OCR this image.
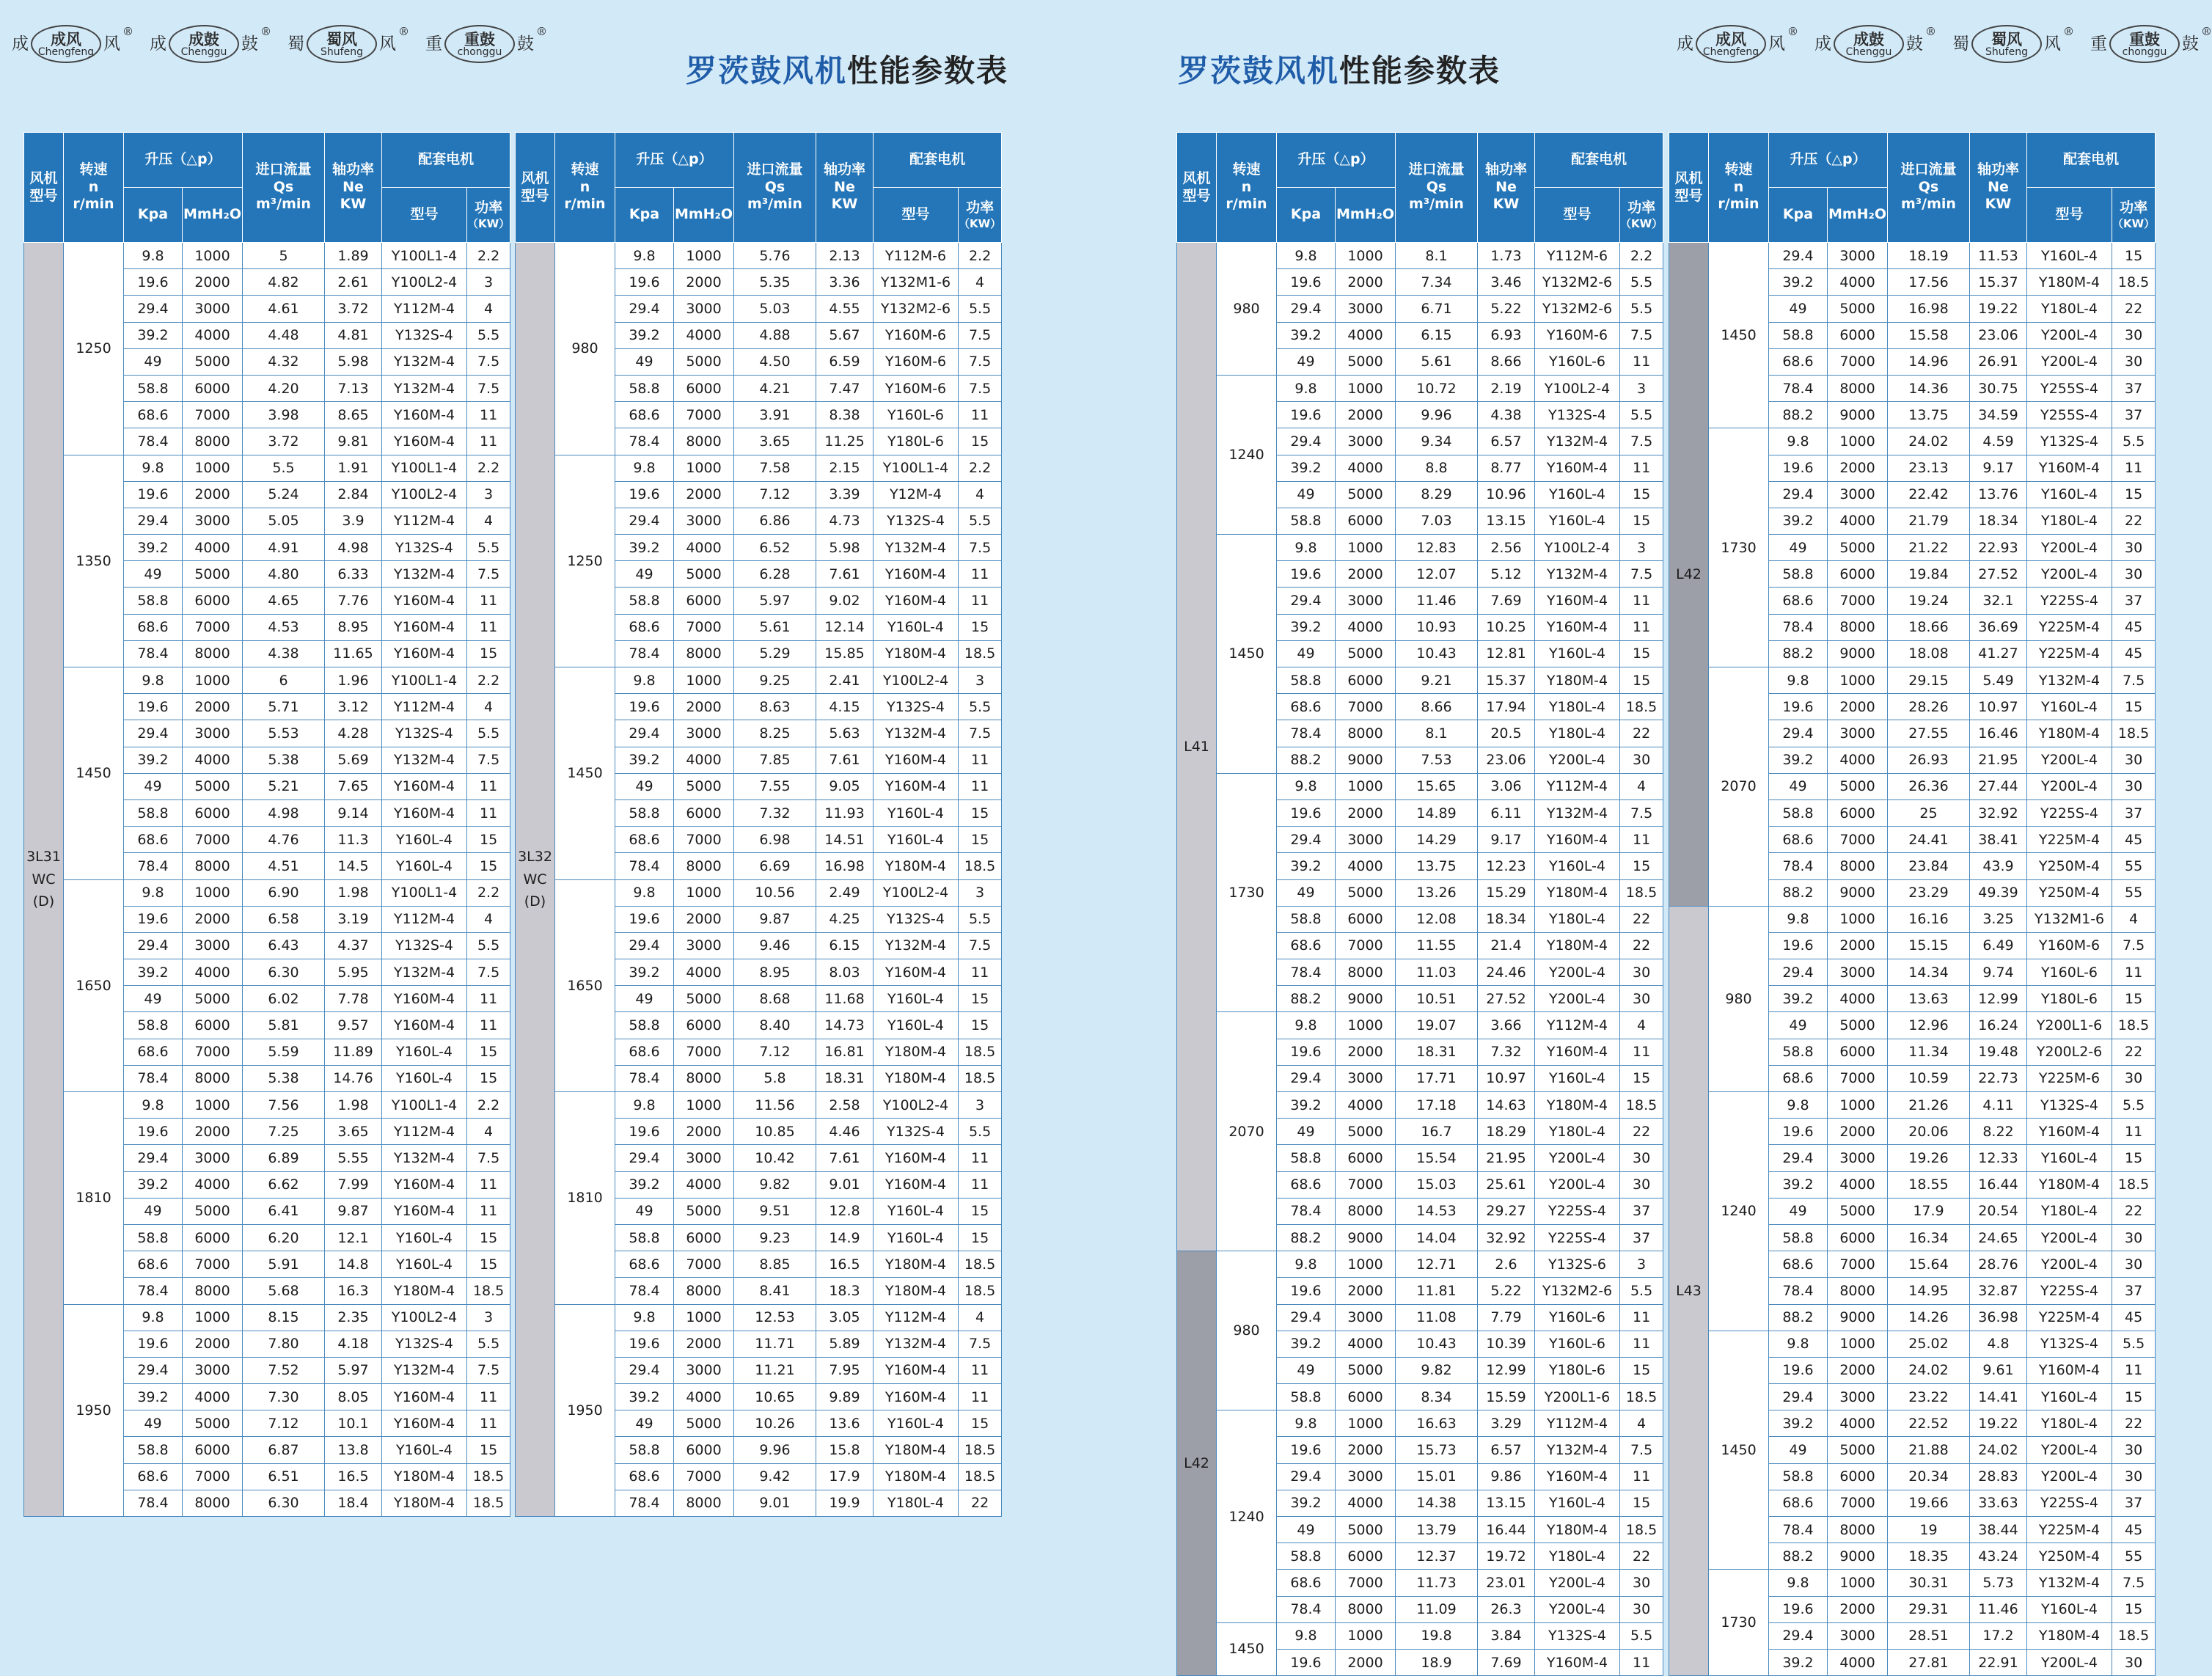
成 成风
Chengfeng 风
®
成 成鼓
Chenggu 鼓
®
蜀 蜀风
Shufeng 风
®
重 重鼓
chonggu 鼓
®
罗茨鼓风机性能参数表	罗茨鼓风机性能参数表
成 成风
Chengfeng 风
®
成 成鼓
Chenggu 鼓
®
蜀 蜀风
Shufeng 风
®
重 重鼓
chonggu 鼓
®
风机
型号	转速
n
r/min	升压（△p）		进口流量
Qs
m³/min	轴功率
Ne
KW	配套电机	
		Kpa	MmH₂O			型号	功率
（KW）

3L31
WC
(D)	1250	9.8	1000	5	1.89	Y100L1-4	2.2
		19.6	2000	4.82	2.61	Y100L2-4	3
		29.4	3000	4.61	3.72	Y112M-4	4
		39.2	4000	4.48	4.81	Y132S-4	5.5
		49	5000	4.32	5.98	Y132M-4	7.5
		58.8	6000	4.20	7.13	Y132M-4	7.5
		68.6	7000	3.98	8.65	Y160M-4	11
		78.4	8000	3.72	9.81	Y160M-4	11
	1350	9.8	1000	5.5	1.91	Y100L1-4	2.2
		19.6	2000	5.24	2.84	Y100L2-4	3
		29.4	3000	5.05	3.9	Y112M-4	4
		39.2	4000	4.91	4.98	Y132S-4	5.5
		49	5000	4.80	6.33	Y132M-4	7.5
		58.8	6000	4.65	7.76	Y160M-4	11
		68.6	7000	4.53	8.95	Y160M-4	11
		78.4	8000	4.38	11.65	Y160M-4	15
	1450	9.8	1000	6	1.96	Y100L1-4	2.2
		19.6	2000	5.71	3.12	Y112M-4	4
		29.4	3000	5.53	4.28	Y132S-4	5.5
		39.2	4000	5.38	5.69	Y132M-4	7.5
		49	5000	5.21	7.65	Y160M-4	11
		58.8	6000	4.98	9.14	Y160M-4	11
		68.6	7000	4.76	11.3	Y160L-4	15
		78.4	8000	4.51	14.5	Y160L-4	15
	1650	9.8	1000	6.90	1.98	Y100L1-4	2.2
		19.6	2000	6.58	3.19	Y112M-4	4
		29.4	3000	6.43	4.37	Y132S-4	5.5
		39.2	4000	6.30	5.95	Y132M-4	7.5
		49	5000	6.02	7.78	Y160M-4	11
		58.8	6000	5.81	9.57	Y160M-4	11
		68.6	7000	5.59	11.89	Y160L-4	15
		78.4	8000	5.38	14.76	Y160L-4	15
	1810	9.8	1000	7.56	1.98	Y100L1-4	2.2
		19.6	2000	7.25	3.65	Y112M-4	4
		29.4	3000	6.89	5.55	Y132M-4	7.5
		39.2	4000	6.62	7.99	Y160M-4	11
		49	5000	6.41	9.87	Y160M-4	11
		58.8	6000	6.20	12.1	Y160L-4	15
		68.6	7000	5.91	14.8	Y160L-4	15
		78.4	8000	5.68	16.3	Y180M-4	18.5
	1950	9.8	1000	8.15	2.35	Y100L2-4	3
		19.6	2000	7.80	4.18	Y132S-4	5.5
		29.4	3000	7.52	5.97	Y132M-4	7.5
		39.2	4000	7.30	8.05	Y160M-4	11
		49	5000	7.12	10.1	Y160M-4	11
		58.8	6000	6.87	13.8	Y160L-4	15
		68.6	7000	6.51	16.5	Y180M-4	18.5
		78.4	8000	6.30	18.4	Y180M-4	18.5
风机
型号	转速
n
r/min	升压（△p）		进口流量
Qs
m³/min	轴功率
Ne
KW	配套电机	
		Kpa	MmH₂O			型号	功率
（KW）

3L32
WC
(D)	980	9.8	1000	5.76	2.13	Y112M-6	2.2
		19.6	2000	5.35	3.36	Y132M1-6	4
		29.4	3000	5.03	4.55	Y132M2-6	5.5
		39.2	4000	4.88	5.67	Y160M-6	7.5
		49	5000	4.50	6.59	Y160M-6	7.5
		58.8	6000	4.21	7.47	Y160M-6	7.5
		68.6	7000	3.91	8.38	Y160L-6	11
		78.4	8000	3.65	11.25	Y180L-6	15
	1250	9.8	1000	7.58	2.15	Y100L1-4	2.2
		19.6	2000	7.12	3.39	Y12M-4	4
		29.4	3000	6.86	4.73	Y132S-4	5.5
		39.2	4000	6.52	5.98	Y132M-4	7.5
		49	5000	6.28	7.61	Y160M-4	11
		58.8	6000	5.97	9.02	Y160M-4	11
		68.6	7000	5.61	12.14	Y160L-4	15
		78.4	8000	5.29	15.85	Y180M-4	18.5
	1450	9.8	1000	9.25	2.41	Y100L2-4	3
		19.6	2000	8.63	4.15	Y132S-4	5.5
		29.4	3000	8.25	5.63	Y132M-4	7.5
		39.2	4000	7.85	7.61	Y160M-4	11
		49	5000	7.55	9.05	Y160M-4	11
		58.8	6000	7.32	11.93	Y160L-4	15
		68.6	7000	6.98	14.51	Y160L-4	15
		78.4	8000	6.69	16.98	Y180M-4	18.5
	1650	9.8	1000	10.56	2.49	Y100L2-4	3
		19.6	2000	9.87	4.25	Y132S-4	5.5
		29.4	3000	9.46	6.15	Y132M-4	7.5
		39.2	4000	8.95	8.03	Y160M-4	11
		49	5000	8.68	11.68	Y160L-4	15
		58.8	6000	8.40	14.73	Y160L-4	15
		68.6	7000	7.12	16.81	Y180M-4	18.5
		78.4	8000	5.8	18.31	Y180M-4	18.5
	1810	9.8	1000	11.56	2.58	Y100L2-4	3
		19.6	2000	10.85	4.46	Y132S-4	5.5
		29.4	3000	10.42	7.61	Y160M-4	11
		39.2	4000	9.82	9.01	Y160M-4	11
		49	5000	9.51	12.8	Y160L-4	15
		58.8	6000	9.23	14.9	Y160L-4	15
		68.6	7000	8.85	16.5	Y180M-4	18.5
		78.4	8000	8.41	18.3	Y180M-4	18.5
	1950	9.8	1000	12.53	3.05	Y112M-4	4
		19.6	2000	11.71	5.89	Y132M-4	7.5
		29.4	3000	11.21	7.95	Y160M-4	11
		39.2	4000	10.65	9.89	Y160M-4	11
		49	5000	10.26	13.6	Y160L-4	15
		58.8	6000	9.96	15.8	Y180M-4	18.5
		68.6	7000	9.42	17.9	Y180M-4	18.5
		78.4	8000	9.01	19.9	Y180L-4	22
风机
型号	转速
n
r/min	升压（△p）		进口流量
Qs
m³/min	轴功率
Ne
KW	配套电机	
		Kpa	MmH₂O			型号	功率
（KW）

L41	980	9.8	1000	8.1	1.73	Y112M-6	2.2
		19.6	2000	7.34	3.46	Y132M2-6	5.5
		29.4	3000	6.71	5.22	Y132M2-6	5.5
		39.2	4000	6.15	6.93	Y160M-6	7.5
		49	5000	5.61	8.66	Y160L-6	11
	1240	9.8	1000	10.72	2.19	Y100L2-4	3
		19.6	2000	9.96	4.38	Y132S-4	5.5
		29.4	3000	9.34	6.57	Y132M-4	7.5
		39.2	4000	8.8	8.77	Y160M-4	11
		49	5000	8.29	10.96	Y160L-4	15
		58.8	6000	7.03	13.15	Y160L-4	15
	1450	9.8	1000	12.83	2.56	Y100L2-4	3
		19.6	2000	12.07	5.12	Y132M-4	7.5
		29.4	3000	11.46	7.69	Y160M-4	11
		39.2	4000	10.93	10.25	Y160M-4	11
		49	5000	10.43	12.81	Y160L-4	15
		58.8	6000	9.21	15.37	Y180M-4	15
		68.6	7000	8.66	17.94	Y180L-4	18.5
		78.4	8000	8.1	20.5	Y180L-4	22
		88.2	9000	7.53	23.06	Y200L-4	30
	1730	9.8	1000	15.65	3.06	Y112M-4	4
		19.6	2000	14.89	6.11	Y132M-4	7.5
		29.4	3000	14.29	9.17	Y160M-4	11
		39.2	4000	13.75	12.23	Y160L-4	15
		49	5000	13.26	15.29	Y180M-4	18.5
		58.8	6000	12.08	18.34	Y180L-4	22
		68.6	7000	11.55	21.4	Y180M-4	22
		78.4	8000	11.03	24.46	Y200L-4	30
		88.2	9000	10.51	27.52	Y200L-4	30
	2070	9.8	1000	19.07	3.66	Y112M-4	4
		19.6	2000	18.31	7.32	Y160M-4	11
		29.4	3000	17.71	10.97	Y160L-4	15
		39.2	4000	17.18	14.63	Y180M-4	18.5
		49	5000	16.7	18.29	Y180L-4	22
		58.8	6000	15.54	21.95	Y200L-4	30
		68.6	7000	15.03	25.61	Y200L-4	30
		78.4	8000	14.53	29.27	Y225S-4	37
		88.2	9000	14.04	32.92	Y225S-4	37
L42	980	9.8	1000	12.71	2.6	Y132S-6	3
		19.6	2000	11.81	5.22	Y132M2-6	5.5
		29.4	3000	11.08	7.79	Y160L-6	11
		39.2	4000	10.43	10.39	Y160L-6	11
		49	5000	9.82	12.99	Y180L-6	15
		58.8	6000	8.34	15.59	Y200L1-6	18.5
	1240	9.8	1000	16.63	3.29	Y112M-4	4
		19.6	2000	15.73	6.57	Y132M-4	7.5
		29.4	3000	15.01	9.86	Y160M-4	11
		39.2	4000	14.38	13.15	Y160L-4	15
		49	5000	13.79	16.44	Y180M-4	18.5
		58.8	6000	12.37	19.72	Y180L-4	22
		68.6	7000	11.73	23.01	Y200L-4	30
		78.4	8000	11.09	26.3	Y200L-4	30
	1450	9.8	1000	19.8	3.84	Y132S-4	5.5
		19.6	2000	18.9	7.69	Y160M-4	11
风机
型号	转速
n
r/min	升压（△p）		进口流量
Qs
m³/min	轴功率
Ne
KW	配套电机	
		Kpa	MmH₂O			型号	功率
（KW）

L42	1450	29.4	3000	18.19	11.53	Y160L-4	15
		39.2	4000	17.56	15.37	Y180M-4	18.5
		49	5000	16.98	19.22	Y180L-4	22
		58.8	6000	15.58	23.06	Y200L-4	30
		68.6	7000	14.96	26.91	Y200L-4	30
		78.4	8000	14.36	30.75	Y255S-4	37
		88.2	9000	13.75	34.59	Y255S-4	37
	1730	9.8	1000	24.02	4.59	Y132S-4	5.5
		19.6	2000	23.13	9.17	Y160M-4	11
		29.4	3000	22.42	13.76	Y160L-4	15
		39.2	4000	21.79	18.34	Y180L-4	22
		49	5000	21.22	22.93	Y200L-4	30
		58.8	6000	19.84	27.52	Y200L-4	30
		68.6	7000	19.24	32.1	Y225S-4	37
		78.4	8000	18.66	36.69	Y225M-4	45
		88.2	9000	18.08	41.27	Y225M-4	45
	2070	9.8	1000	29.15	5.49	Y132M-4	7.5
		19.6	2000	28.26	10.97	Y160L-4	15
		29.4	3000	27.55	16.46	Y180M-4	18.5
		39.2	4000	26.93	21.95	Y200L-4	30
		49	5000	26.36	27.44	Y200L-4	30
		58.8	6000	25	32.92	Y225S-4	37
		68.6	7000	24.41	38.41	Y225M-4	45
		78.4	8000	23.84	43.9	Y250M-4	55
		88.2	9000	23.29	49.39	Y250M-4	55
L43	980	9.8	1000	16.16	3.25	Y132M1-6	4
		19.6	2000	15.15	6.49	Y160M-6	7.5
		29.4	3000	14.34	9.74	Y160L-6	11
		39.2	4000	13.63	12.99	Y180L-6	15
		49	5000	12.96	16.24	Y200L1-6	18.5
		58.8	6000	11.34	19.48	Y200L2-6	22
		68.6	7000	10.59	22.73	Y225M-6	30
	1240	9.8	1000	21.26	4.11	Y132S-4	5.5
		19.6	2000	20.06	8.22	Y160M-4	11
		29.4	3000	19.26	12.33	Y160L-4	15
		39.2	4000	18.55	16.44	Y180M-4	18.5
		49	5000	17.9	20.54	Y180L-4	22
		58.8	6000	16.34	24.65	Y200L-4	30
		68.6	7000	15.64	28.76	Y200L-4	30
		78.4	8000	14.95	32.87	Y225S-4	37
		88.2	9000	14.26	36.98	Y225M-4	45
	1450	9.8	1000	25.02	4.8	Y132S-4	5.5
		19.6	2000	24.02	9.61	Y160M-4	11
		29.4	3000	23.22	14.41	Y160L-4	15
		39.2	4000	22.52	19.22	Y180L-4	22
		49	5000	21.88	24.02	Y200L-4	30
		58.8	6000	20.34	28.83	Y200L-4	30
		68.6	7000	19.66	33.63	Y225S-4	37
		78.4	8000	19	38.44	Y225M-4	45
		88.2	9000	18.35	43.24	Y250M-4	55
	1730	9.8	1000	30.31	5.73	Y132M-4	7.5
		19.6	2000	29.31	11.46	Y160L-4	15
		29.4	3000	28.51	17.2	Y180M-4	18.5
		39.2	4000	27.81	22.91	Y200L-4	30
